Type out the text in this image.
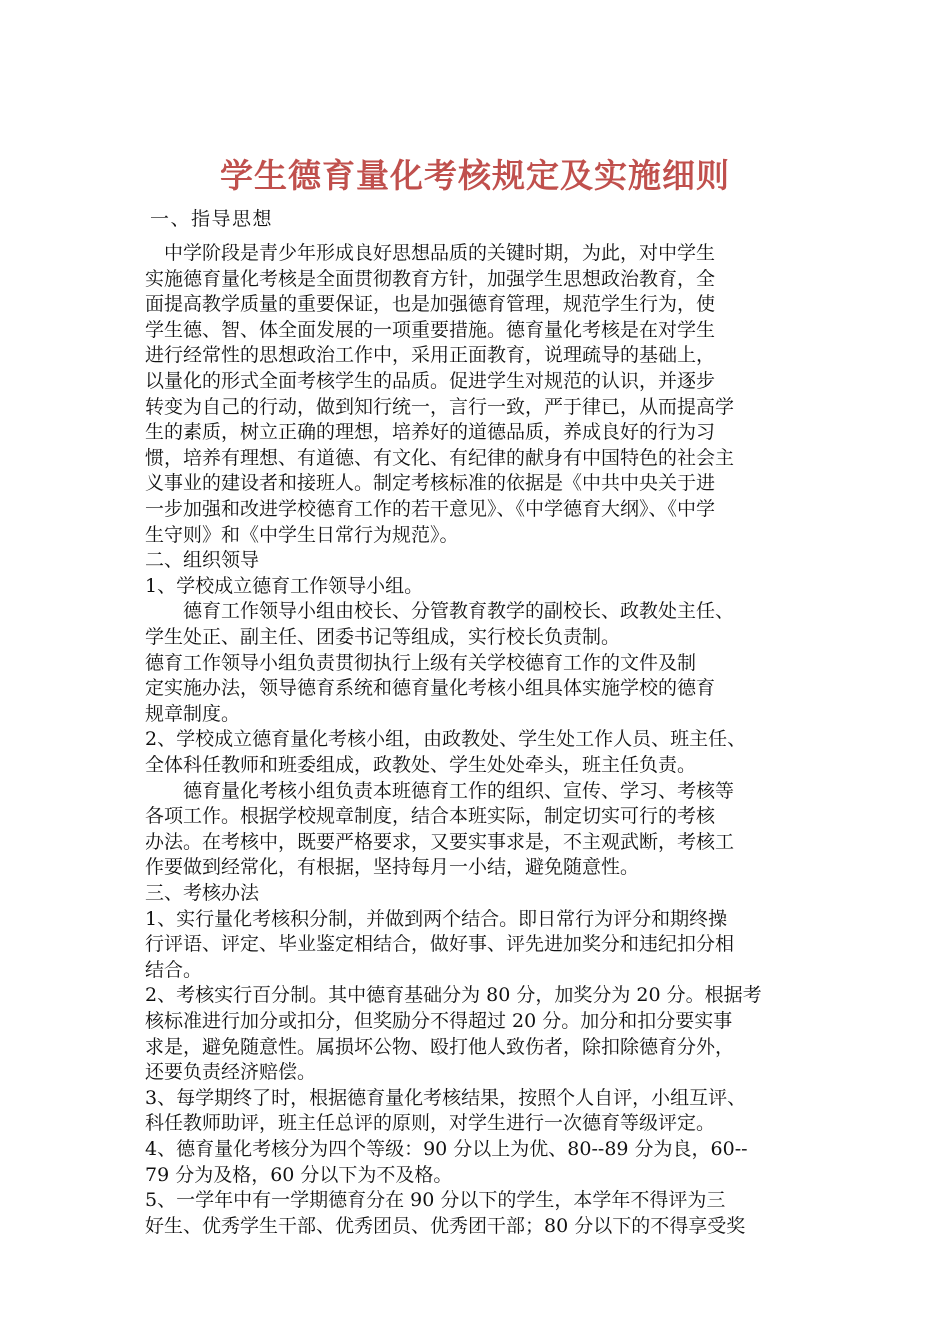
学生德育量化考核规定及实施细则

一、指导思想

　中学阶段是青少年形成良好思想品质的关键时期，为此，对中学生

实施德育量化考核是全面贯彻教育方针，加强学生思想政治教育，全

面提高教学质量的重要保证，也是加强德育管理，规范学生行为，使

学生德、智、体全面发展的一项重要措施。德育量化考核是在对学生

进行经常性的思想政治工作中，采用正面教育，说理疏导的基础上，

以量化的形式全面考核学生的品质。促进学生对规范的认识，并逐步

转变为自己的行动，做到知行统一，言行一致，严于律已，从而提高学

生的素质，树立正确的理想，培养好的道德品质，养成良好的行为习

惯，培养有理想、有道德、有文化、有纪律的献身有中国特色的社会主

义事业的建设者和接班人。制定考核标准的依据是《中共中央关于进

一步加强和改进学校德育工作的若干意见》、《中学德育大纲》、《中学

生守则》和《中学生日常行为规范》。

二、组织领导

1、学校成立德育工作领导小组。

　　德育工作领导小组由校长、分管教育教学的副校长、政教处主任、

学生处正、副主任、团委书记等组成，实行校长负责制。

德育工作领导小组负责贯彻执行上级有关学校德育工作的文件及制

定实施办法，领导德育系统和德育量化考核小组具体实施学校的德育

规章制度。

2、学校成立德育量化考核小组，由政教处、学生处工作人员、班主任、

全体科任教师和班委组成，政教处、学生处处牵头，班主任负责。

　　德育量化考核小组负责本班德育工作的组织、宣传、学习、考核等

各项工作。根据学校规章制度，结合本班实际，制定切实可行的考核

办法。在考核中，既要严格要求，又要实事求是，不主观武断，考核工

作要做到经常化，有根据，坚持每月一小结，避免随意性。

三、考核办法

1、实行量化考核积分制，并做到两个结合。即日常行为评分和期终操

行评语、评定、毕业鉴定相结合，做好事、评先进加奖分和违纪扣分相

结合。

2、考核实行百分制。其中德育基础分为 80 分，加奖分为 20 分。根据考

核标准进行加分或扣分，但奖励分不得超过 20 分。加分和扣分要实事

求是，避免随意性。属损坏公物、殴打他人致伤者，除扣除德育分外，

还要负责经济赔偿。

3、每学期终了时，根据德育量化考核结果，按照个人自评，小组互评、

科任教师助评，班主任总评的原则，对学生进行一次德育等级评定。

4、德育量化考核分为四个等级：90 分以上为优、80--89 分为良，60--

79 分为及格，60 分以下为不及格。

5、一学年中有一学期德育分在 90 分以下的学生，本学年不得评为三

好生、优秀学生干部、优秀团员、优秀团干部；80 分以下的不得享受奖
